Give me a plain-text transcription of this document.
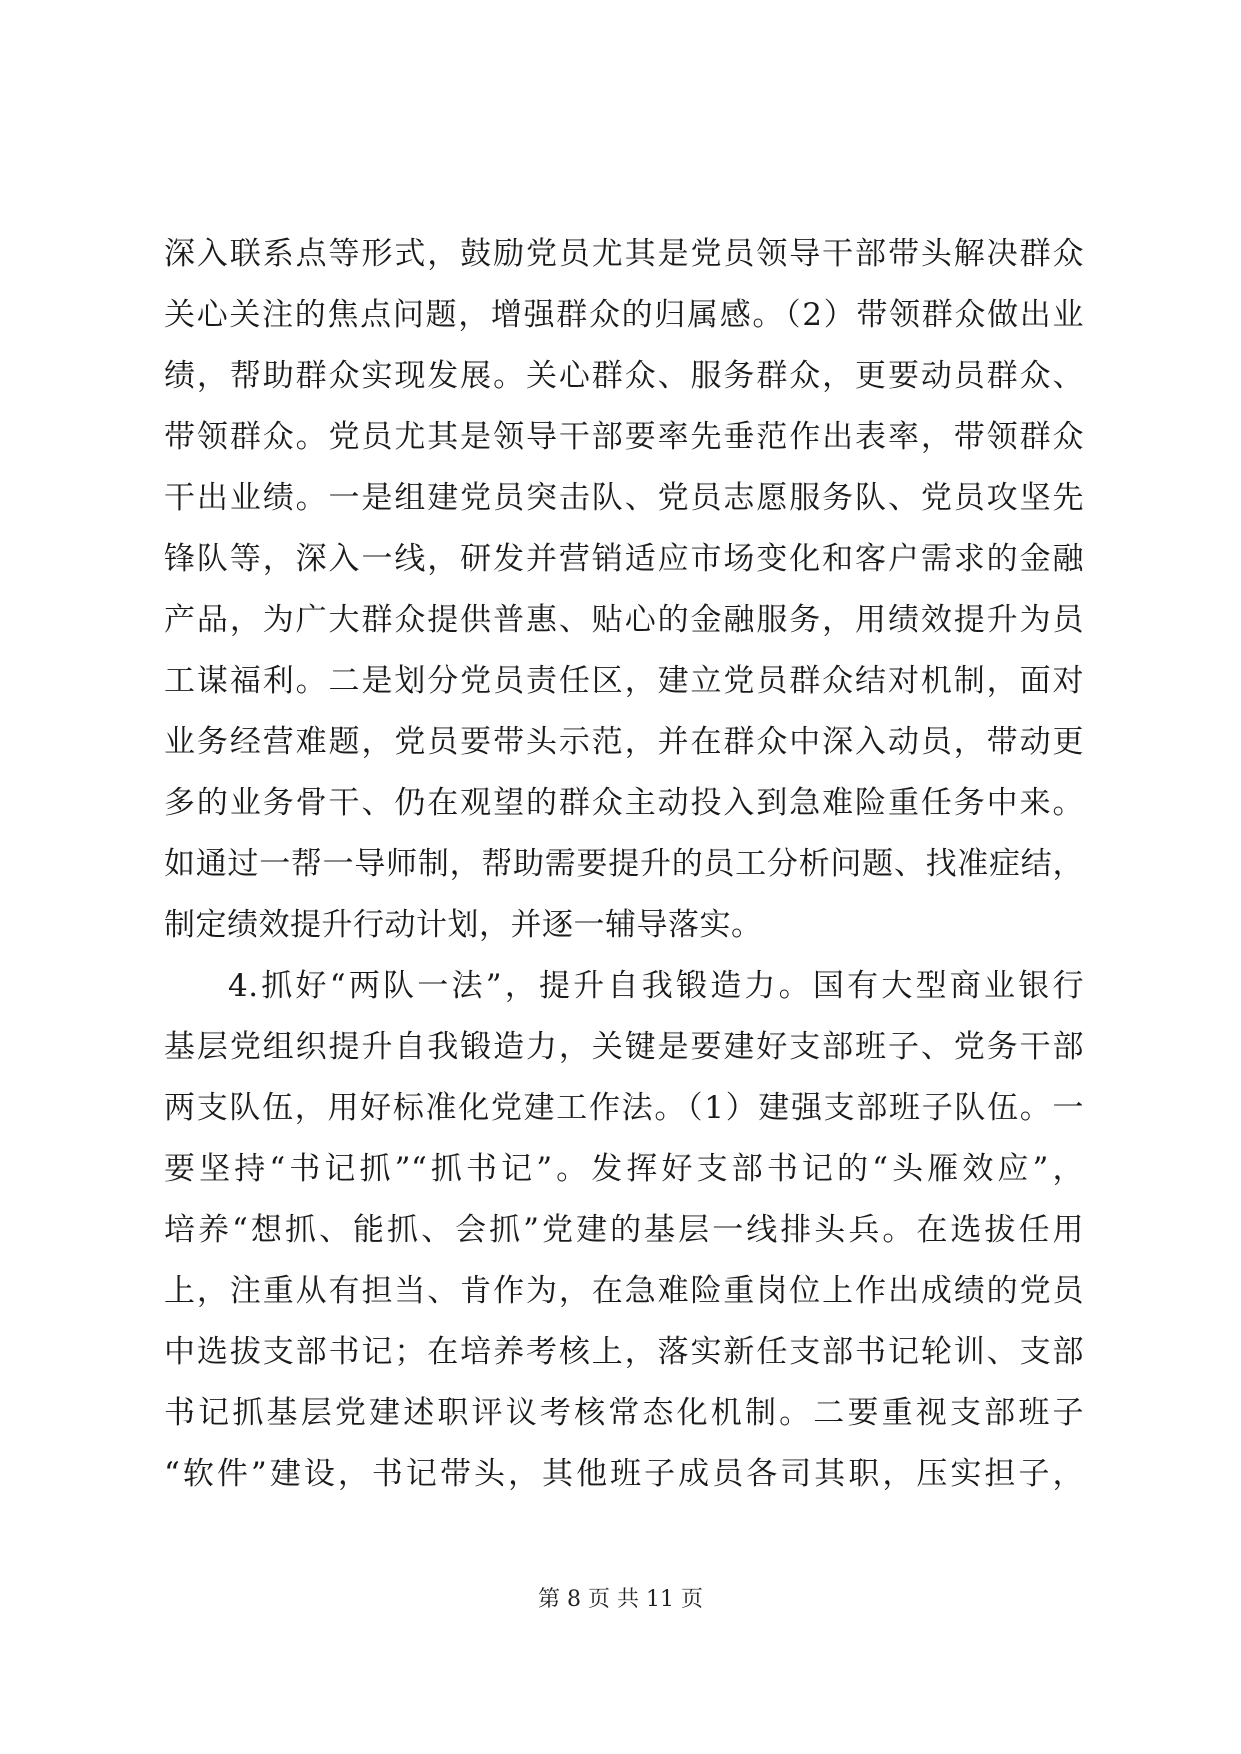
深入联系点等形式，鼓励党员尤其是党员领导干部带头解决群众
关心关注的焦点问题，增强群众的归属感。（2）带领群众做出业
绩，帮助群众实现发展。关心群众、服务群众，更要动员群众、
带领群众。党员尤其是领导干部要率先垂范作出表率，带领群众
干出业绩。一是组建党员突击队、党员志愿服务队、党员攻坚先
锋队等，深入一线，研发并营销适应市场变化和客户需求的金融
产品，为广大群众提供普惠、贴心的金融服务，用绩效提升为员
工谋福利。二是划分党员责任区，建立党员群众结对机制，面对
业务经营难题，党员要带头示范，并在群众中深入动员，带动更
多的业务骨干、仍在观望的群众主动投入到急难险重任务中来。
如通过一帮一导师制，帮助需要提升的员工分析问题、找准症结，
制定绩效提升行动计划，并逐一辅导落实。
4.抓好“两队一法”，提升自我锻造力。国有大型商业银行
基层党组织提升自我锻造力，关键是要建好支部班子、党务干部
两支队伍，用好标准化党建工作法。（1）建强支部班子队伍。一
要坚持“书记抓”“抓书记”。发挥好支部书记的“头雁效应”，
培养“想抓、能抓、会抓”党建的基层一线排头兵。在选拔任用
上，注重从有担当、肯作为，在急难险重岗位上作出成绩的党员
中选拔支部书记；在培养考核上，落实新任支部书记轮训、支部
书记抓基层党建述职评议考核常态化机制。二要重视支部班子
“软件”建设，书记带头，其他班子成员各司其职，压实担子，
第 8 页 共 11 页
